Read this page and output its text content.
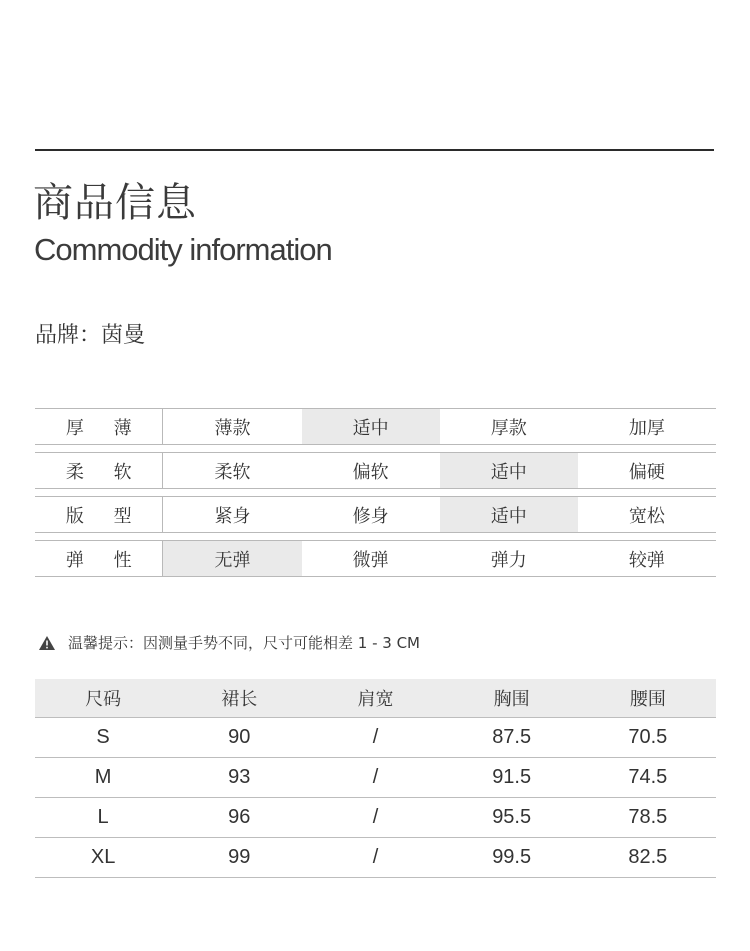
商品信息
Commodity information
品牌：茵曼
厚 薄	薄款	适中	厚款	加厚
柔 软	柔软	偏软	适中	偏硬
版 型	紧身	修身	适中	宽松
弹 性	无弹	微弹	弹力	较弹
温馨提示：因测量手势不同，尺寸可能相差 1 - 3 CM
尺码	裙长	肩宽	胸围	腰围
S	90	/	87.5	70.5
M	93	/	91.5	74.5
L	96	/	95.5	78.5
XL	99	/	99.5	82.5
